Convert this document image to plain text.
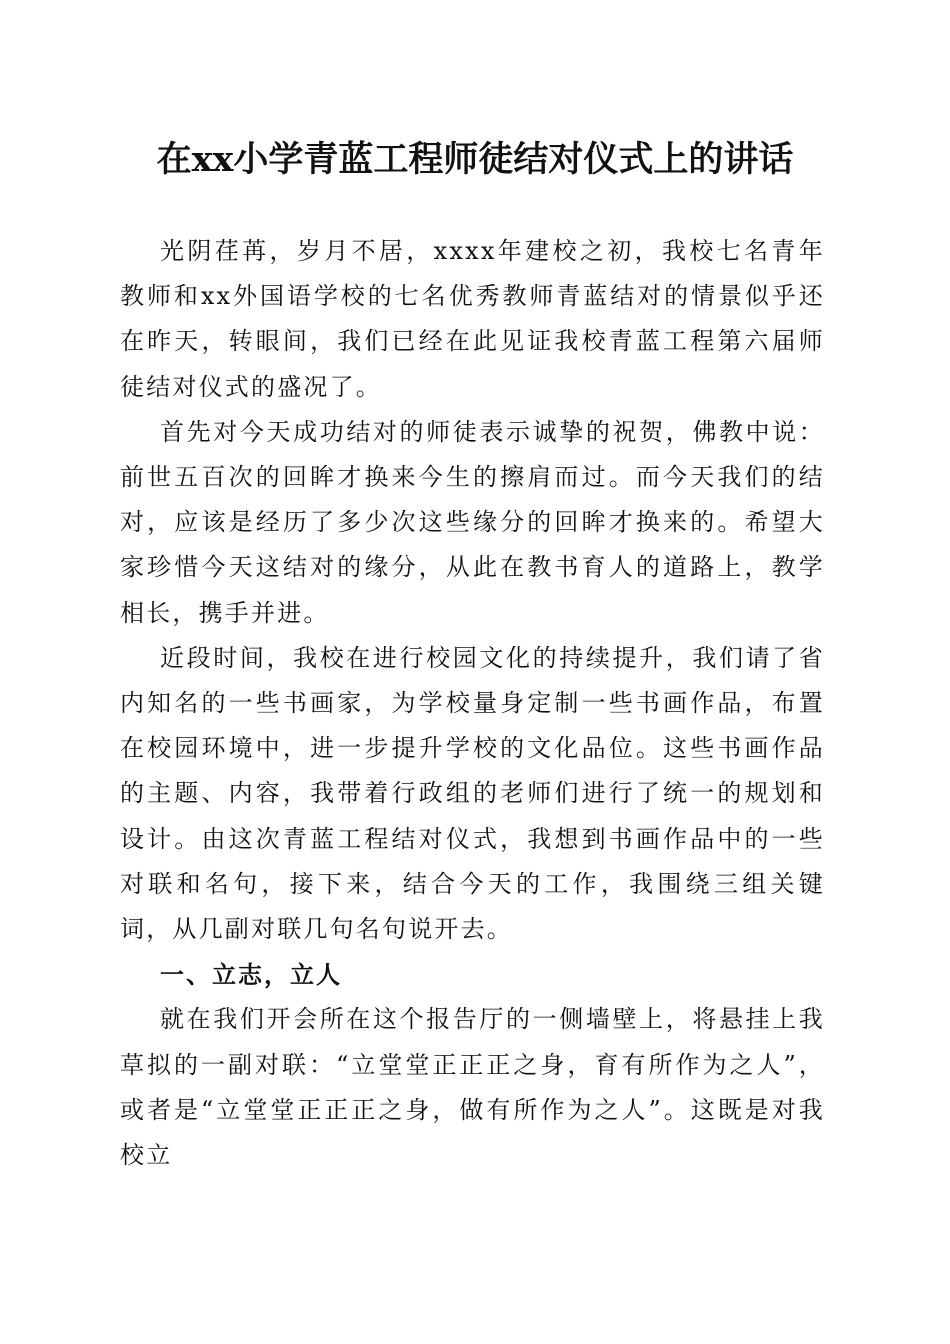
在xx小学青蓝工程师徒结对仪式上的讲话

光阴荏苒，岁月不居，xxxx年建校之初，我校七名青年教师和xx外国语学校的七名优秀教师青蓝结对的情景似乎还在昨天，转眼间，我们已经在此见证我校青蓝工程第六届师徒结对仪式的盛况了。

首先对今天成功结对的师徒表示诚挚的祝贺，佛教中说：前世五百次的回眸才换来今生的擦肩而过。而今天我们的结对，应该是经历了多少次这些缘分的回眸才换来的。希望大家珍惜今天这结对的缘分，从此在教书育人的道路上，教学相长，携手并进。

近段时间，我校在进行校园文化的持续提升，我们请了省内知名的一些书画家，为学校量身定制一些书画作品，布置在校园环境中，进一步提升学校的文化品位。这些书画作品的主题、内容，我带着行政组的老师们进行了统一的规划和设计。由这次青蓝工程结对仪式，我想到书画作品中的一些对联和名句，接下来，结合今天的工作，我围绕三组关键词，从几副对联几句名句说开去。

一、立志，立人

就在我们开会所在这个报告厅的一侧墙壁上，将悬挂上我草拟的一副对联：“立堂堂正正正之身，育有所作为之人”，或者是“立堂堂正正正之身，做有所作为之人”。这既是对我校立
